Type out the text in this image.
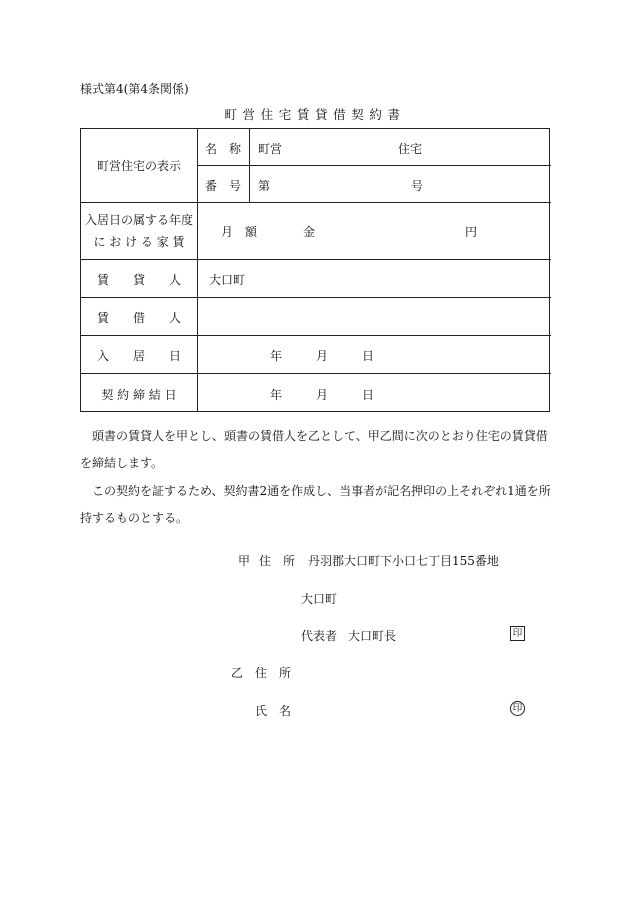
様式第4(第4条関係)
町営住宅賃貸借契約書
町営住宅の表示
名　称	町営	住宅
番　号	第	号
入居日の属する年度
に お け る 家 賃
月　額	金	円
賃　　貸　　人	大口町
賃　　借　　人
入　　居　　日	年	月	日
契 約 締 結 日	年	月	日
　頭書の賃貸人を甲とし、頭書の賃借人を乙として、甲乙間に次のとおり住宅の賃貸借
を締結します。
　この契約を証するため、契約書2通を作成し、当事者が記名押印の上それぞれ1通を所
持するものとする。
甲 住　所 丹羽郡大口町下小口七丁目155番地
大口町
代表者 大口町長	印
乙 住　所
氏　名	印
